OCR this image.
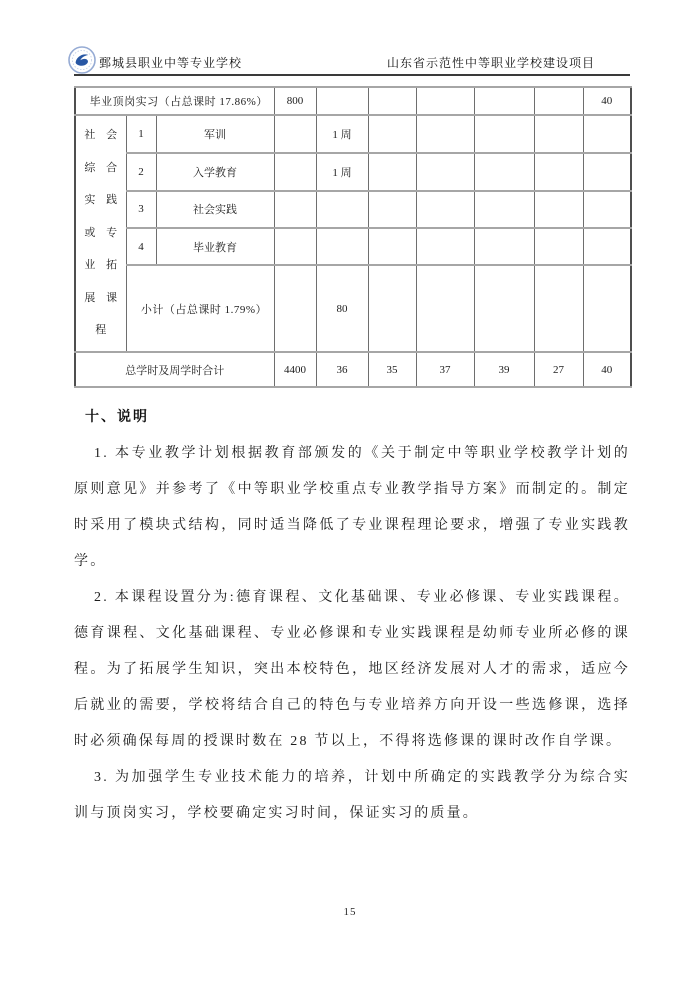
鄄城县职业中等专业学校	山东省示范性中等职业学校建设项目
毕业顶岗实习（占总课时 17.86%）			800						40

社 会
综 合
实 践
或 专
业 拓
展 课
程
	1	军训		1 周					
	2	入学教育		1 周					
	3	社会实践							
	4	毕业教育							
	小计（占总课时 1.79%）			80					
总学时及周学时合计			4400	36	35	37	39	27	40
十、说明

1. 本专业教学计划根据教育部颁发的《关于制定中等职业学校教学计划的原则意见》并参考了《中等职业学校重点专业教学指导方案》而制定的。制定时采用了模块式结构，同时适当降低了专业课程理论要求，增强了专业实践教学。

2. 本课程设置分为:德育课程、文化基础课、专业必修课、专业实践课程。德育课程、文化基础课程、专业必修课和专业实践课程是幼师专业所必修的课程。为了拓展学生知识，突出本校特色，地区经济发展对人才的需求，适应今后就业的需要，学校将结合自己的特色与专业培养方向开设一些选修课，选择时必须确保每周的授课时数在 28 节以上，不得将选修课的课时改作自学课。

3. 为加强学生专业技术能力的培养，计划中所确定的实践教学分为综合实训与顶岗实习，学校要确定实习时间，保证实习的质量。

15
